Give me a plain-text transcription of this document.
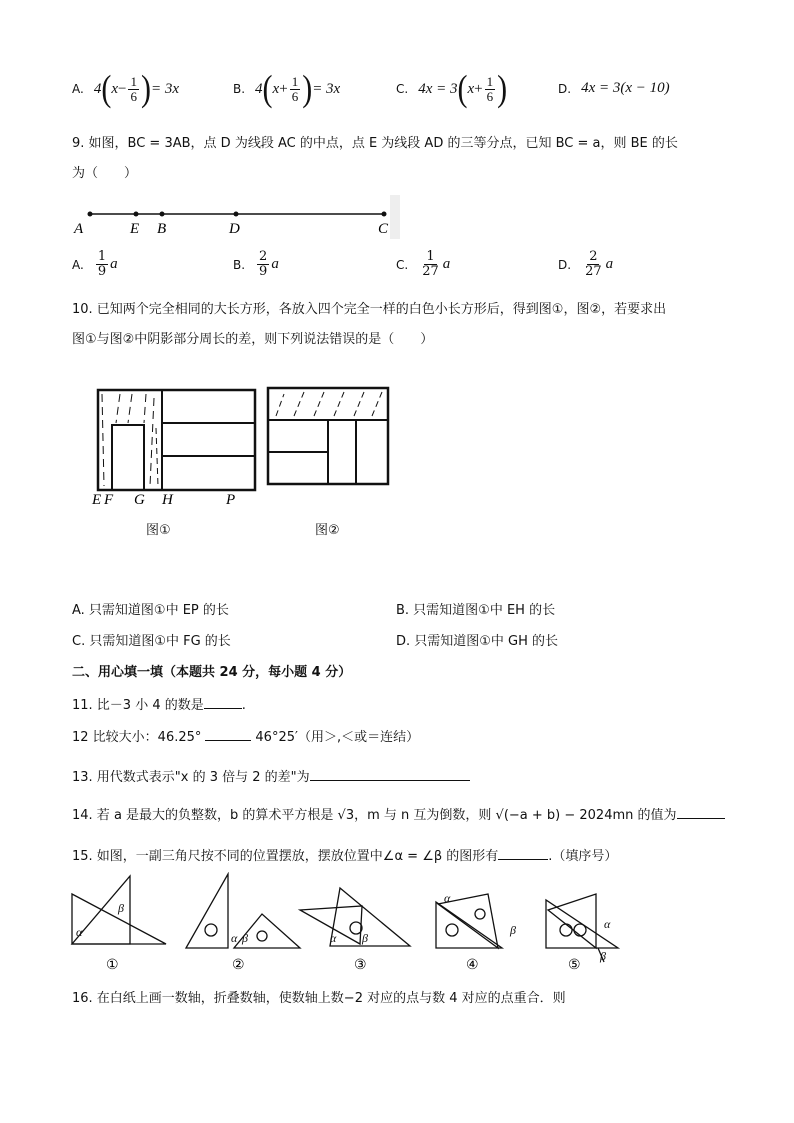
A. 4 ( $x - \frac{1}{6}$ ) = 3x	B. 4 ( $x + \frac{1}{6}$ ) = 3x	C. 4x = 3 ( $x + \frac{1}{6}$ )	D. 4x = 3(x − 10)
9. 如图，BC = 3AB，点 D 为线段 AC 的中点，点 E 为线段 AD 的三等分点，已知 BC = a，则 BE 的长
为（　　）
A	E B	D	C
A. $\frac{1}{9}$ a	B. $\frac{2}{9}$ a	C. $\frac{1}{27}$ a	D. $\frac{2}{27}$ a
10. 已知两个完全相同的大长方形，各放入四个完全一样的白色小长方形后，得到图①，图②，若要求出
图①与图②中阴影部分周长的差，则下列说法错误的是（　　）
E F G H	P
图①	图②
A. 只需知道图①中 EP 的长	B. 只需知道图①中 EH 的长
C. 只需知道图①中 FG 的长	D. 只需知道图①中 GH 的长
二、用心填一填（本题共 24 分，每小题 4 分）
11. 比－3 小 4 的数是	.
12 比较大小：46.25°	46°25′（用＞,＜或＝连结）
13. 用代数式表示"x 的 3 倍与 2 的差"为
14. 若 a 是最大的负整数，b 的算术平方根是 √3，m 与 n 互为倒数，则 √(−a + b) − 2024mn 的值为
15. 如图，一副三角尺按不同的位置摆放，摆放位置中∠α = ∠β 的图形有	.（填序号）
α
β
α β	α β
α
β	α
β
①	②	③	④	⑤
16. 在白纸上画一数轴，折叠数轴，使数轴上数−2 对应的点与数 4 对应的点重合．则
